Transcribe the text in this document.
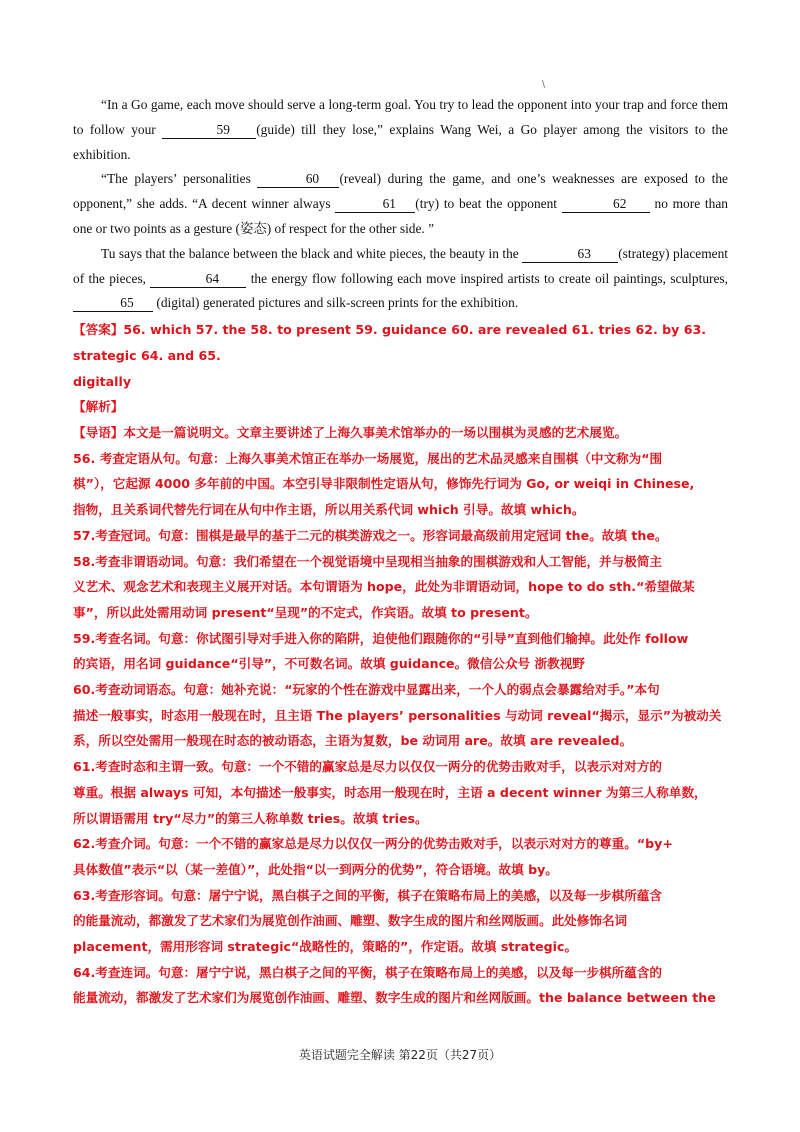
\
“In a Go game, each move should serve a long-term goal. You try to lead the opponent into your trap and force them to follow your	59 (guide) till they lose,” explains Wang Wei, a Go player among the visitors to the exhibition.
“The players’ personalities	60 (reveal) during the game, and one’s weaknesses are exposed to the opponent,” she adds. “A decent winner always	61 (try) to beat the opponent	62 no more than one or two points as a gesture (姿态) of respect for the other side. ”
Tu says that the balance between the black and white pieces, the beauty in the	63 (strategy) placement of the pieces,	64 the energy flow following each move inspired artists to create oil paintings, sculptures, 65 (digital) generated pictures and silk-screen prints for the exhibition.
【答案】56. which 57. the 58. to present 59. guidance 60. are revealed 61. tries 62. by 63. strategic 64. and 65.
digitally
【解析】
【导语】本文是一篇说明文。文章主要讲述了上海久事美术馆举办的一场以围棋为灵感的艺术展览。
56. 考查定语从句。句意：上海久事美术馆正在举办一场展览，展出的艺术品灵感来自围棋（中文称为“围
棋”），它起源 4000 多年前的中国。本空引导非限制性定语从句，修饰先行词为 Go, or weiqi in Chinese,
指物，且关系词代替先行词在从句中作主语，所以用关系代词 which 引导。故填 which。
57.考查冠词。句意：围棋是最早的基于二元的棋类游戏之一。形容词最高级前用定冠词 the。故填 the。
58.考查非谓语动词。句意：我们希望在一个视觉语境中呈现相当抽象的围棋游戏和人工智能，并与极简主
义艺术、观念艺术和表现主义展开对话。本句谓语为 hope，此处为非谓语动词，hope to do sth.“希望做某
事”，所以此处需用动词 present“呈现”的不定式，作宾语。故填 to present。
59.考查名词。句意：你试图引导对手进入你的陷阱，迫使他们跟随你的“引导”直到他们输掉。此处作 follow
的宾语，用名词 guidance“引导”，不可数名词。故填 guidance。微信公众号 浙教视野
60.考查动词语态。句意：她补充说：“玩家的个性在游戏中显露出来，一个人的弱点会暴露给对手。”本句
描述一般事实，时态用一般现在时，且主语 The players’ personalities 与动词 reveal“揭示，显示”为被动关
系，所以空处需用一般现在时态的被动语态，主语为复数，be 动词用 are。故填 are revealed。
61.考查时态和主谓一致。句意：一个不错的赢家总是尽力以仅仅一两分的优势击败对手，以表示对对方的
尊重。根据 always 可知，本句描述一般事实，时态用一般现在时，主语 a decent winner 为第三人称单数，
所以谓语需用 try“尽力”的第三人称单数 tries。故填 tries。
62.考查介词。句意：一个不错的赢家总是尽力以仅仅一两分的优势击败对手，以表示对对方的尊重。“by+
具体数值”表示“以（某一差值）”，此处指“以一到两分的优势”，符合语境。故填 by。
63.考查形容词。句意：屠宁宁说，黑白棋子之间的平衡，棋子在策略布局上的美感，以及每一步棋所蕴含
的能量流动，都激发了艺术家们为展览创作油画、雕塑、数字生成的图片和丝网版画。此处修饰名词
placement，需用形容词 strategic“战略性的，策略的”，作定语。故填 strategic。
64.考查连词。句意：屠宁宁说，黑白棋子之间的平衡，棋子在策略布局上的美感，以及每一步棋所蕴含的
能量流动，都激发了艺术家们为展览创作油画、雕塑、数字生成的图片和丝网版画。the balance between the
英语试题完全解读 第22页（共27页）
